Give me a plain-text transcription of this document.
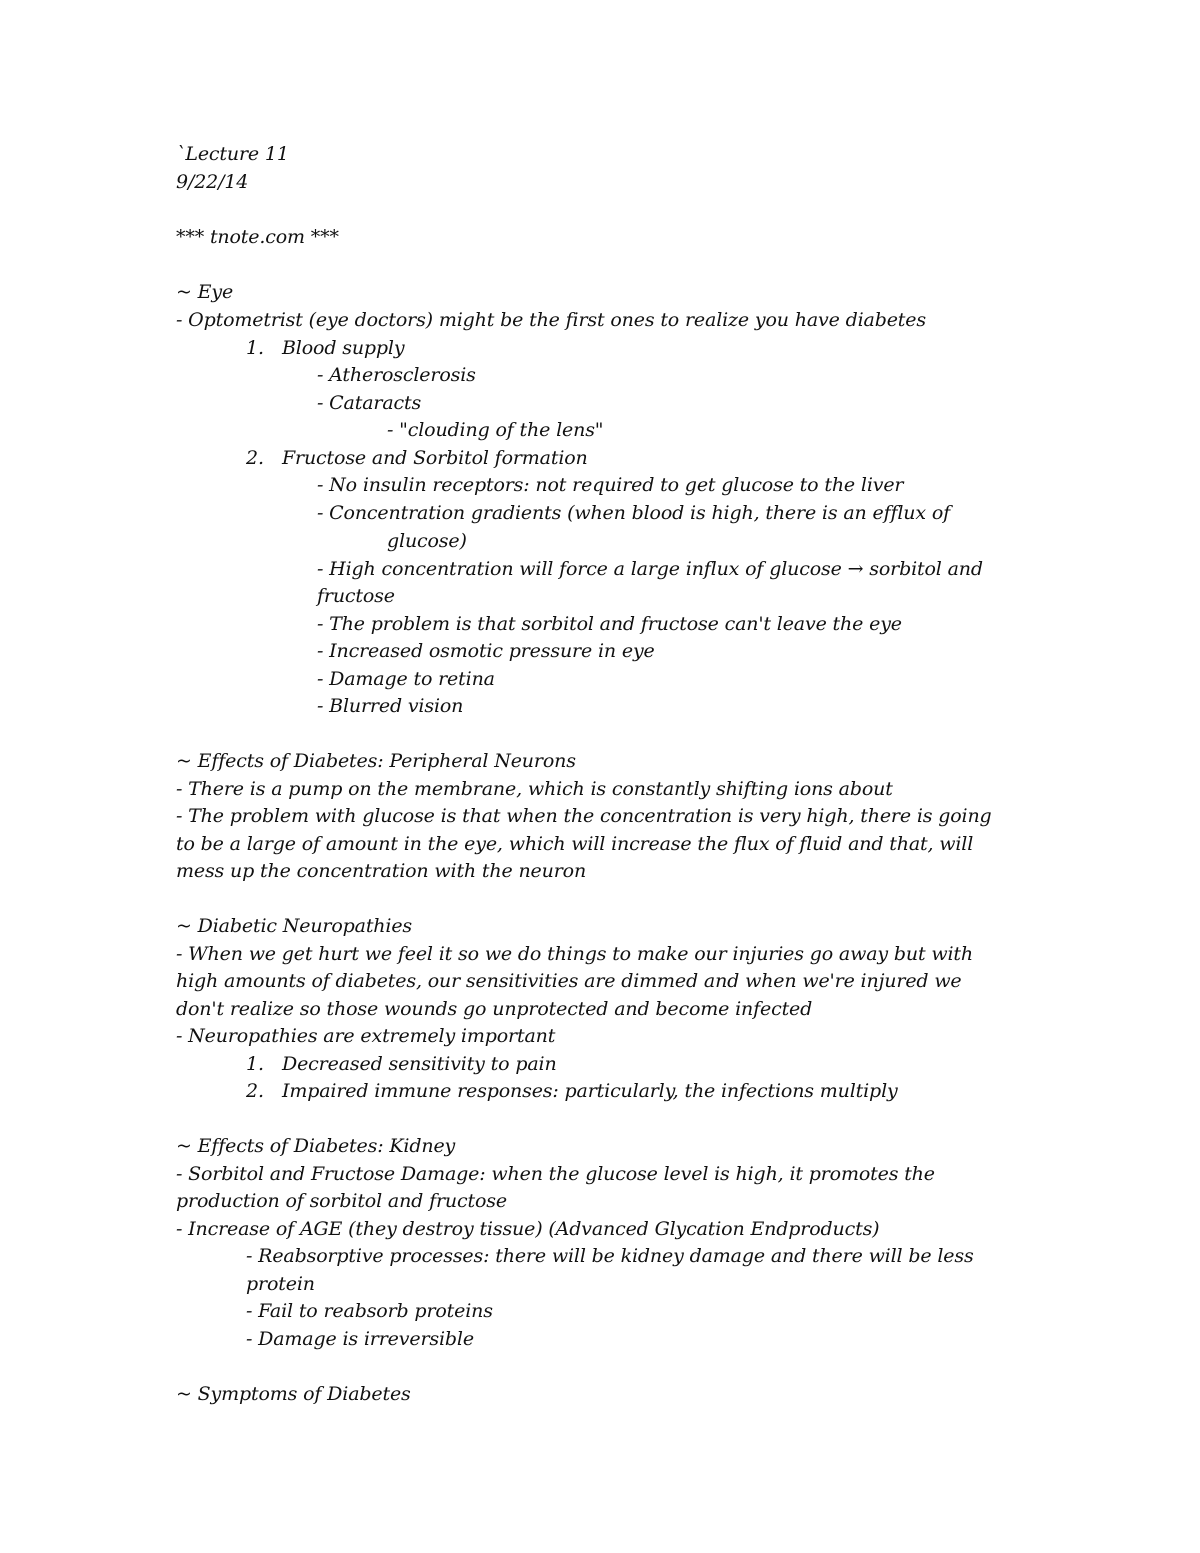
`Lecture 11
9/22/14
*** tnote.com ***
~ Eye
- Optometrist (eye doctors) might be the first ones to realize you have diabetes
1. Blood supply
- Atherosclerosis
- Cataracts
- "clouding of the lens"
2. Fructose and Sorbitol formation
- No insulin receptors: not required to get glucose to the liver
- Concentration gradients (when blood is high, there is an efflux of
glucose)
- High concentration will force a large influx of glucose → sorbitol and
fructose
- The problem is that sorbitol and fructose can't leave the eye
- Increased osmotic pressure in eye
- Damage to retina
- Blurred vision
~ Effects of Diabetes: Peripheral Neurons
- There is a pump on the membrane, which is constantly shifting ions about
- The problem with glucose is that when the concentration is very high, there is going
to be a large of amount in the eye, which will increase the flux of fluid and that, will
mess up the concentration with the neuron
~ Diabetic Neuropathies
- When we get hurt we feel it so we do things to make our injuries go away but with
high amounts of diabetes, our sensitivities are dimmed and when we're injured we
don't realize so those wounds go unprotected and become infected
- Neuropathies are extremely important
1. Decreased sensitivity to pain
2. Impaired immune responses: particularly, the infections multiply
~ Effects of Diabetes: Kidney
- Sorbitol and Fructose Damage: when the glucose level is high, it promotes the
production of sorbitol and fructose
- Increase of AGE (they destroy tissue) (Advanced Glycation Endproducts)
- Reabsorptive processes: there will be kidney damage and there will be less
protein
- Fail to reabsorb proteins
- Damage is irreversible
~ Symptoms of Diabetes
